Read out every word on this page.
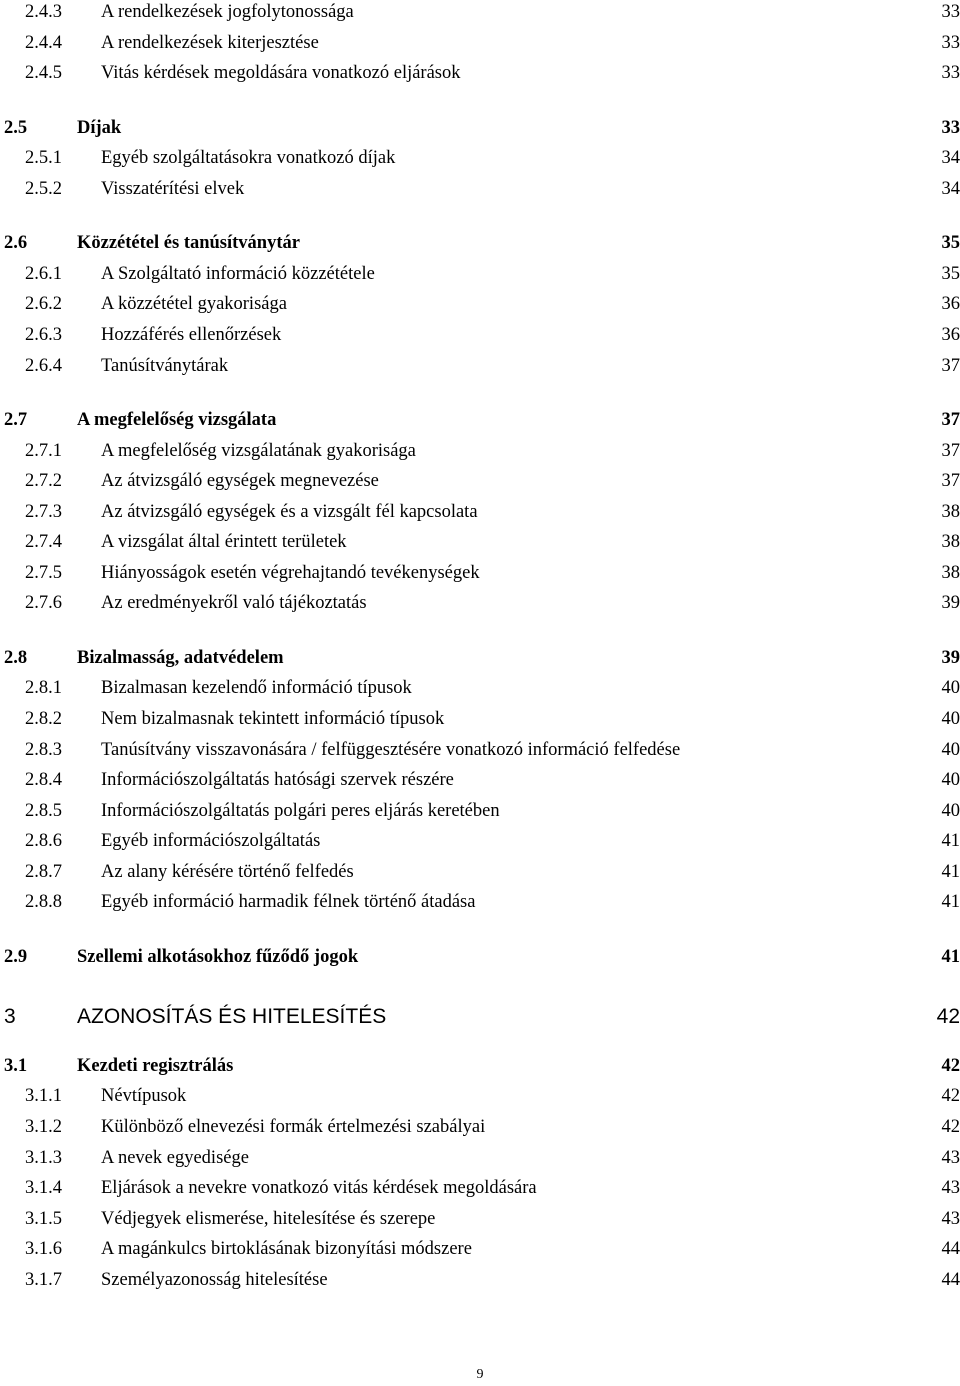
2.4.3 A rendelkezések jogfolytonossága	33
2.4.4 A rendelkezések kiterjesztése	33
2.4.5 Vitás kérdések megoldására vonatkozó eljárások	33
2.5	Díjak	33
2.5.1 Egyéb szolgáltatásokra vonatkozó díjak	34
2.5.2 Visszatérítési elvek	34
2.6	Közzététel és tanúsítványtár	35
2.6.1 A Szolgáltató információ közzététele	35
2.6.2 A közzététel gyakorisága	36
2.6.3 Hozzáférés ellenőrzések	36
2.6.4 Tanúsítványtárak	37
2.7	A megfelelőség vizsgálata	37
2.7.1 A megfelelőség vizsgálatának gyakorisága	37
2.7.2 Az átvizsgáló egységek megnevezése	37
2.7.3 Az átvizsgáló egységek és a vizsgált fél kapcsolata	38
2.7.4 A vizsgálat által érintett területek	38
2.7.5 Hiányosságok esetén végrehajtandó tevékenységek	38
2.7.6 Az eredményekről való tájékoztatás	39
2.8	Bizalmasság, adatvédelem	39
2.8.1 Bizalmasan kezelendő információ típusok	40
2.8.2 Nem bizalmasnak tekintett információ típusok	40
2.8.3 Tanúsítvány visszavonására / felfüggesztésére vonatkozó információ felfedése	40
2.8.4 Információszolgáltatás hatósági szervek részére	40
2.8.5 Információszolgáltatás polgári peres eljárás keretében	40
2.8.6 Egyéb információszolgáltatás	41
2.8.7 Az alany kérésére történő felfedés	41
2.8.8 Egyéb információ harmadik félnek történő átadása	41
2.9	Szellemi alkotásokhoz fűződő jogok	41
3	AZONOSÍTÁS ÉS HITELESÍTÉS	42
3.1	Kezdeti regisztrálás	42
3.1.1 Névtípusok	42
3.1.2 Különböző elnevezési formák értelmezési szabályai	42
3.1.3 A nevek egyedisége	43
3.1.4 Eljárások a nevekre vonatkozó vitás kérdések megoldására	43
3.1.5 Védjegyek elismerése, hitelesítése és szerepe	43
3.1.6 A magánkulcs birtoklásának bizonyítási módszere	44
3.1.7 Személyazonosság hitelesítése	44
9
